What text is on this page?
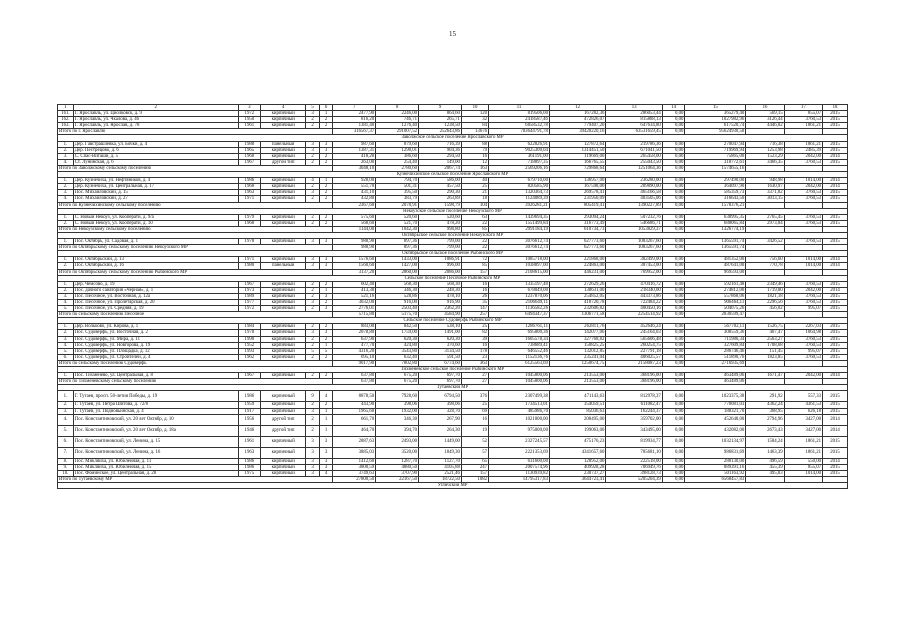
15
1	2	3	4	5	6	7	8	9	10	11	12	13	14	15	16	17	18
161.	Г. Ярославль, ул. Циолковск, д. 9	1972	кирпичный	3	1	2477,90	2246,00	864,60	120	819506,00	167282,36	286053,44	0,00	365279,40	569,15	855,07	2015
162.	Г. Ярославль, ул. Чкалова, д. 46	1950	кирпичный	2	2	816,20	746,71	265,71	32	2418587,46	472826,07	815888,13	0,00	1027982,96	3126,44	3760,53	2015
163.	Г. Ярославль, ул. Ярослав, д. 78	1961	кирпичный	2	2	1381,40	1276,40	1238,50	84	6858532,78	779407,20	647634,80	0,00	617520,74	4446,82	1861,21	2015
Итого по г. Ярославлю						316567,37	291007,52	252643,86	13676	783644791,78	39420220,16	63531659,45	0,00	95624930,58			
Заволжское сельское поселение Ярославского МР																	
1.	Дер. Гавстрашлевка, ул. Бочки, д. 4	1988	панельный	3	3	987,60	879,60	716,39	88	622826,91	127872,64	219786,36	0,00	270047,94	716,38	1861,21	2015
2.	Дер. Пестрецово, д. 6	1965	кирпичный	3	3	1387,31	1298,01	904,36	79	9025300,04	1314451,50	671041,50	0,00	719969,94	1253,98	2485,39	2015
3.	С. Спас-Виташи, д. 5	1968	кирпичный	2	2	418,20	386,60	294,50	16	361191,00	119669,00	265458,00	0,00	75865,00	1523,29	2042,00	2014
4.	Ст. Лунинская, д. 6	1967	другой тип	2	2	263,00	254,40	149,00	12	718897,35	166765,55	255043,50	0,00	318772,61	3466,35	3760,53	2015
Итого по Заволжскому сельскому поселению						3048,10	2780,60	2067,74	163	2569206,16	729868,64	1251064,36	0,00	1574655,16			
Кузнечихинское сельское поселение Ярославского МР																	
1.	Дер. Кузнечиха, ул. Нефтяников, д. 4	1986	кирпичный	4	1	928,00	794,70	586,00	40	679710,00	136957,00	236280,00	0,00	297490,00	948,98	1014,00	2014
2.	Дер. Кузнечиха, ул. Центральная, д. 17	1968	кирпичный	2	2	551,70	501,31	457,50	25	820585,90	167598,00	289890,00	0,00	364097,90	1630,97	2042,00	2014
3.	Пос. Михайловский, д. 15	1963	кирпичный	3	2	431,10	395,50	290,30	21	1320364,73	269578,41	465166,58	0,00	585359,73	3371,82	3760,53	2015
4.	Пос. Михайловский, д. 27	1971	кирпичный	2	2	432,80	383,79	263,89	18	1124089,39	231950,09	403505,06	0,00	316643,50	3013,15	3760,53	2015
Итого по Кузнечихинскому сельскому поселению						2367,60	2078,91	1598,79	104	3926281,21	805419,41	1390227,89	0,00	1578376,21			
Некоузское сельское поселение Некоузского МР																	
1.	С. Новый Некоуз, ул. Кооперати, д. 9/а	1979	кирпичный	2	2	575,60	520,60	520,60	63	1439694,35	293094,24	507232,76	0,00	638995,35	2765,45	3760,53	2015
2.	С. Новый Некоуз, ул. Кооперати, д. 10	1968	кирпичный	2	2	568,60	521,70	478,20	22	1551499,84	316773,49	546686,71	0,00	688065,84	2973,84	3760,53	2015
Итого по Некоузскому сельскому поселению						1144,00	1042,30	998,80	85	2991184,19	610734,73	1053829,37	0,00	1326774,19			
Октябрьское сельское поселение Некоузского МР																	
1.	Пос. Октябрь, ул. Садовая, д. 1	1978	кирпичный	3	3	988,90	897,36	799,00	22	3076612,74	627773,60	1083267,60	0,00	1365591,74	3426,52	3760,53	2015
Итого по Октябрьскому сельскому поселению Некоузского МР						988,90	897,36	799,00	22	3076612,74	627773,60	1083267,60	0,00	1365591,74			
Октябрьское сельское поселение Рыбинского МР																	
1.	Пос. Октябрьский, д. 13	1971	кирпичный	3	3	1576,60	1433,00	1086,91	72	1085718,00	221868,00	382499,00	0,00	481352,00	756,60	1014,00	2014
2.	Пос. Октябрьский, д. 16	1980	панельный	3	3	1560,60	1427,00	996,00	85	1038897,00	224863,00	387453,00	0,00	487641,00	770,78	1014,00	2014
Итого по Октябрьскому сельскому поселению Рыбинского МР						3137,20	2860,00	2086,00	157	2108615,00	446231,00	769952,00	0,00	969593,00			
Сельское поселение Песочное Рыбинского МР																	
1.	Дер. Чемсово, д. 19	1967	кирпичный	2	2	602,40	568,30	568,30	16	1335197,48	272629,26	470416,72	0,00	592161,48	2349,46	3760,53	2015
2.	Пос. дачного санатория «Черная», д. 1	1973	кирпичный	2	1	413,30	346,30	248,30	16	678049,00	138631,00	218340,00	0,00	274812,00	1719,80	2042,00	2014
3.	Пос. Песочное, ул. Восточная, д. 12а	1989	кирпичный	2	3	521,16	528,86	478,10	26	1237870,06	254852,05	443373,86	0,00	557868,06	1821,18	3760,53	2015
4.	Пос. Песочное, ул. Пролетарская, д. 20	1977	кирпичный	3	2	3032,00	916,00	916,90	35	2106649,11	418720,78	722484,22	0,00	906464,11	2296,56	3760,53	2015
5.	Пос. Песочное, ул. Средняя, д. 19	1972	кирпичный	2	3	2776,01	2503,40	2362,20	147	1136582,26	232606,82	400450,16	0,00	504075,26	456,02	995,07	2015
Итого по сельскому поселению Песочное						5715,80	5175,70	4584,90	257	6494347,37	1306771,58	2254514,92	0,00	2830599,47			
Сельское поселение Судоверфь Рыбинского МР																	
1.	Дер. Вольково, ул. Кирова, д. 1	1984	кирпичный	2	2	883,00	842,50	538,10	25	1286761,11	262811,76	452646,24	0,00	567702,11	1526,75	2267,03	2015
2.	Пос. Судоверфь, ул. Восточная, д. 2	1978	кирпичный	3	3	2078,80	1759,00	1491,00	82	695800,36	142077,06	245164,03	0,00	308559,36	407,47	1064,98	2015
3.	Пос. Судоверфь, ул. Мира, д. 11	1990	кирпичный	2	2	637,90	620,30	620,30	39	1605578,34	327768,82	565606,48	0,00	711986,34	2563,27	3760,53	2015
4.	Пос. Судоверфь, ул. Новгорова, д. 19	1952	кирпичный	2	1	477,70	424,80	370,60	16	738689,41	150825,25	260254,75	0,00	327609,84	1708,68	3760,53	2015
5.	Пос. Судоверфь, ул. Площадка, д. 12	1993	кирпичный	5	5	4316,20	3543,80	3134,50	178	646552,46	132012,85	227791,18	0,00	286746,46	151,45	995,07	2015
6.	Пос. Судоверфь, ул. Строителей, д. 4	1962	кирпичный	2	2	695,10	632,40	591,50	23	1152136,76	235241,04	406025,57	0,00	511890,76	1823,85	3760,53	2015
Итого по сельскому поселению Судоверфь						9017,90	7802,80	6774,60	363	6125563,69	1250674,75	2158087,23	0,00	2716935,69			
Тихменевское сельское поселение Рыбинского МР																	
1.	Пос. Тихменево, ул. Центральная, д. 8	1967	кирпичный	2	2	637,80	675,20	697,70	27	1045800,06	213553,00	368196,00	0,00	463489,06	1671,47	2042,00	2014
Итого по Тихменевскому сельскому поселению						637,80	675,20	697,70	27	1045800,06	213553,00	368196,00	0,00	463489,06			
Тутаевский МР																	
1.	Г. Тутаев, просп. 50-летия Победы, д. 19	1986	кирпичный	9	4	8878,50	7928,60	6794,50	376	2307499,38	471143,63	812978,37	0,00	1023375,38	291,92	557,33	2015
2.	Г. Тутаев, ул. Петра Шитова, д. 72/8	1959	кирпичный	2	2	443,90	398,06	398,06	25	1734513,01	354059,51	611082,47	0,00	770081,03	4362,24	4361,53	2015
3.	Г. Тутаев, ул. Подновьинская, д. 4	1917	кирпичный	3	1	1965,60	1932,00	328,70	69	485986,70	85036,63	162244,37	0,00	188321,70	368,95	626,18	2015
4.	Пос. Константиновский, ул. 20 лет Октябр, д. 10	1956	другой тип	2	1	661,70	346,30	267,90	16	1021000,00	208495,00	359702,00	0,00	452648,00	2794,96	3427,00	2014
5.	Пос. Константиновский, ул. 20 лет Октябр, д. 18а	1946	другой тип	2	1	464,70	394,70	264,30	19	975000,00	199063,00	343495,00	0,00	432082,00	2673,43	3427,00	2014
6.	Пос. Константиновский, ул. Ленина, д. 15	1961	кирпичный	3	3	2887,63	2493,00	1449,00	52	2327245,57	475176,23	819934,77	0,00	1032134,97	1584,24	1861,21	2015
7.	Пос. Константиновский, ул. Ленина, д. 16	1963	кирпичный	3	3	3885,03	3520,00	1849,30	57	2221353,69	4341657,60	785681,10	0,00	986831,69	1463,39	1861,21	2015
8.	Пос. Микляиха, ул. Юбилейная, д. 11	1986	кирпичный	3	3	1412,60	1287,70	1127,70	65	631600,00	128952,00	222518,00	0,00	280130,00	496,59	550,00	2014
9.	Пос. Микляиха, ул. Юбилейная, д. 15	1986	кирпичный	3	3	3800,59	4880,50	4105,88	247	2007574,96	409928,28	706949,76	0,00	889391,16	455,39	855,07	2015
10.	Пос. Фоминское, ул. Центральная, д. 28	1975	кирпичный	3	4	3749,63	3707,90	2521,46	157	1130939,82	230737,27	398128,73	0,00	501163,92	495,83	1014,00	2015
Итого по Тутаевскому МР						27800,50	22167,50	18722,50	1082	14795317,83	3644723,41	5205204,39	0,00	6568457,83			
Угличский МР																	
